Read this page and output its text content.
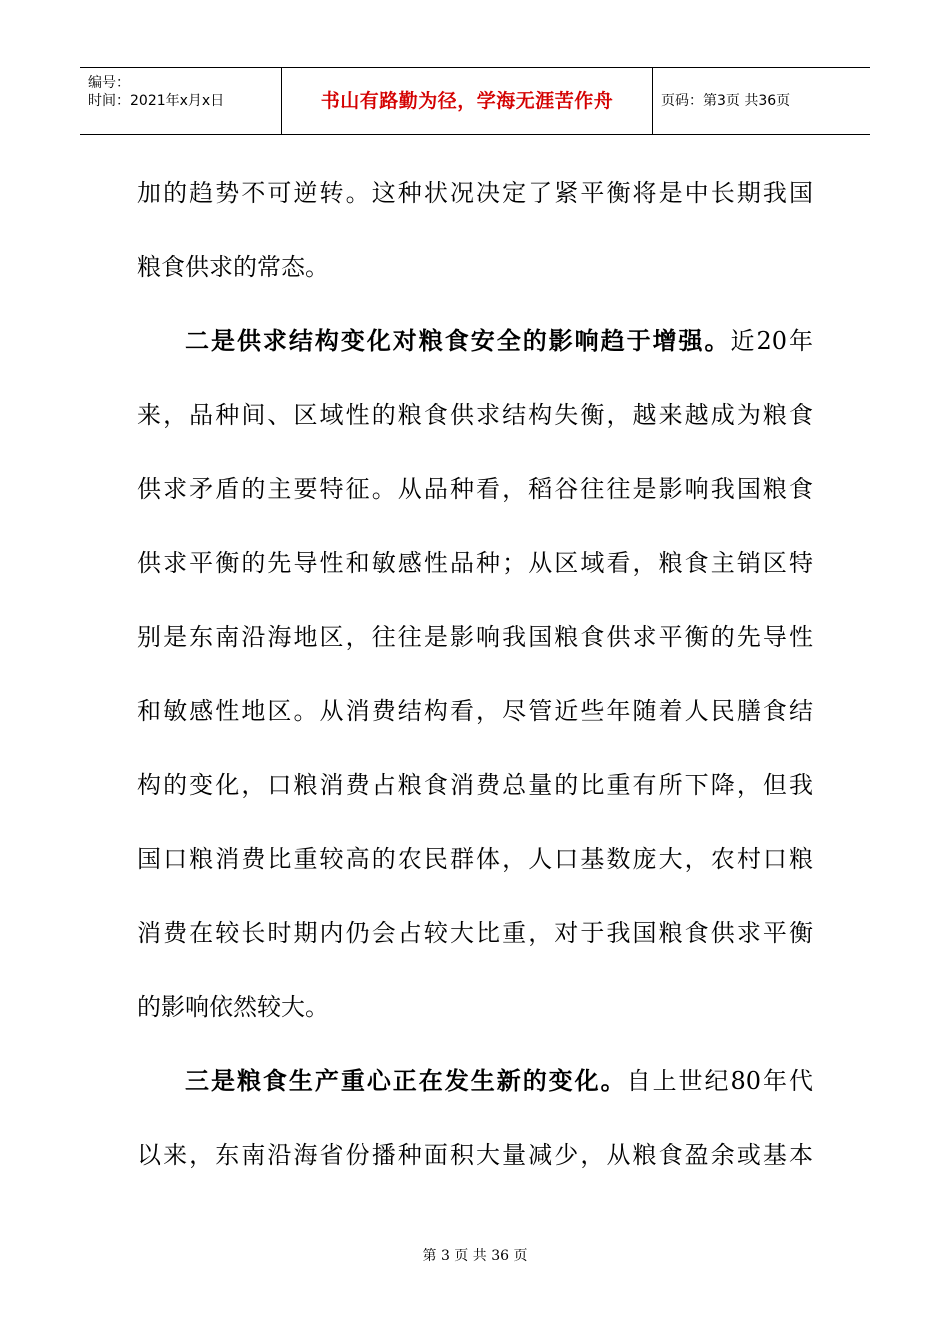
编号：
时间：2021年x月x日	书山有路勤为径，学海无涯苦作舟	页码：第3页 共36页
加的趋势不可逆转。这种状况决定了紧平衡将是中长期我国
粮食供求的常态。
二是供求结构变化对粮食安全的影响趋于增强。近20年
来，品种间、区域性的粮食供求结构失衡，越来越成为粮食
供求矛盾的主要特征。从品种看，稻谷往往是影响我国粮食
供求平衡的先导性和敏感性品种；从区域看，粮食主销区特
别是东南沿海地区，往往是影响我国粮食供求平衡的先导性
和敏感性地区。从消费结构看，尽管近些年随着人民膳食结
构的变化，口粮消费占粮食消费总量的比重有所下降，但我
国口粮消费比重较高的农民群体，人口基数庞大，农村口粮
消费在较长时期内仍会占较大比重，对于我国粮食供求平衡
的影响依然较大。
三是粮食生产重心正在发生新的变化。自上世纪80年代
以来，东南沿海省份播种面积大量减少，从粮食盈余或基本
第 3 页 共 36 页
